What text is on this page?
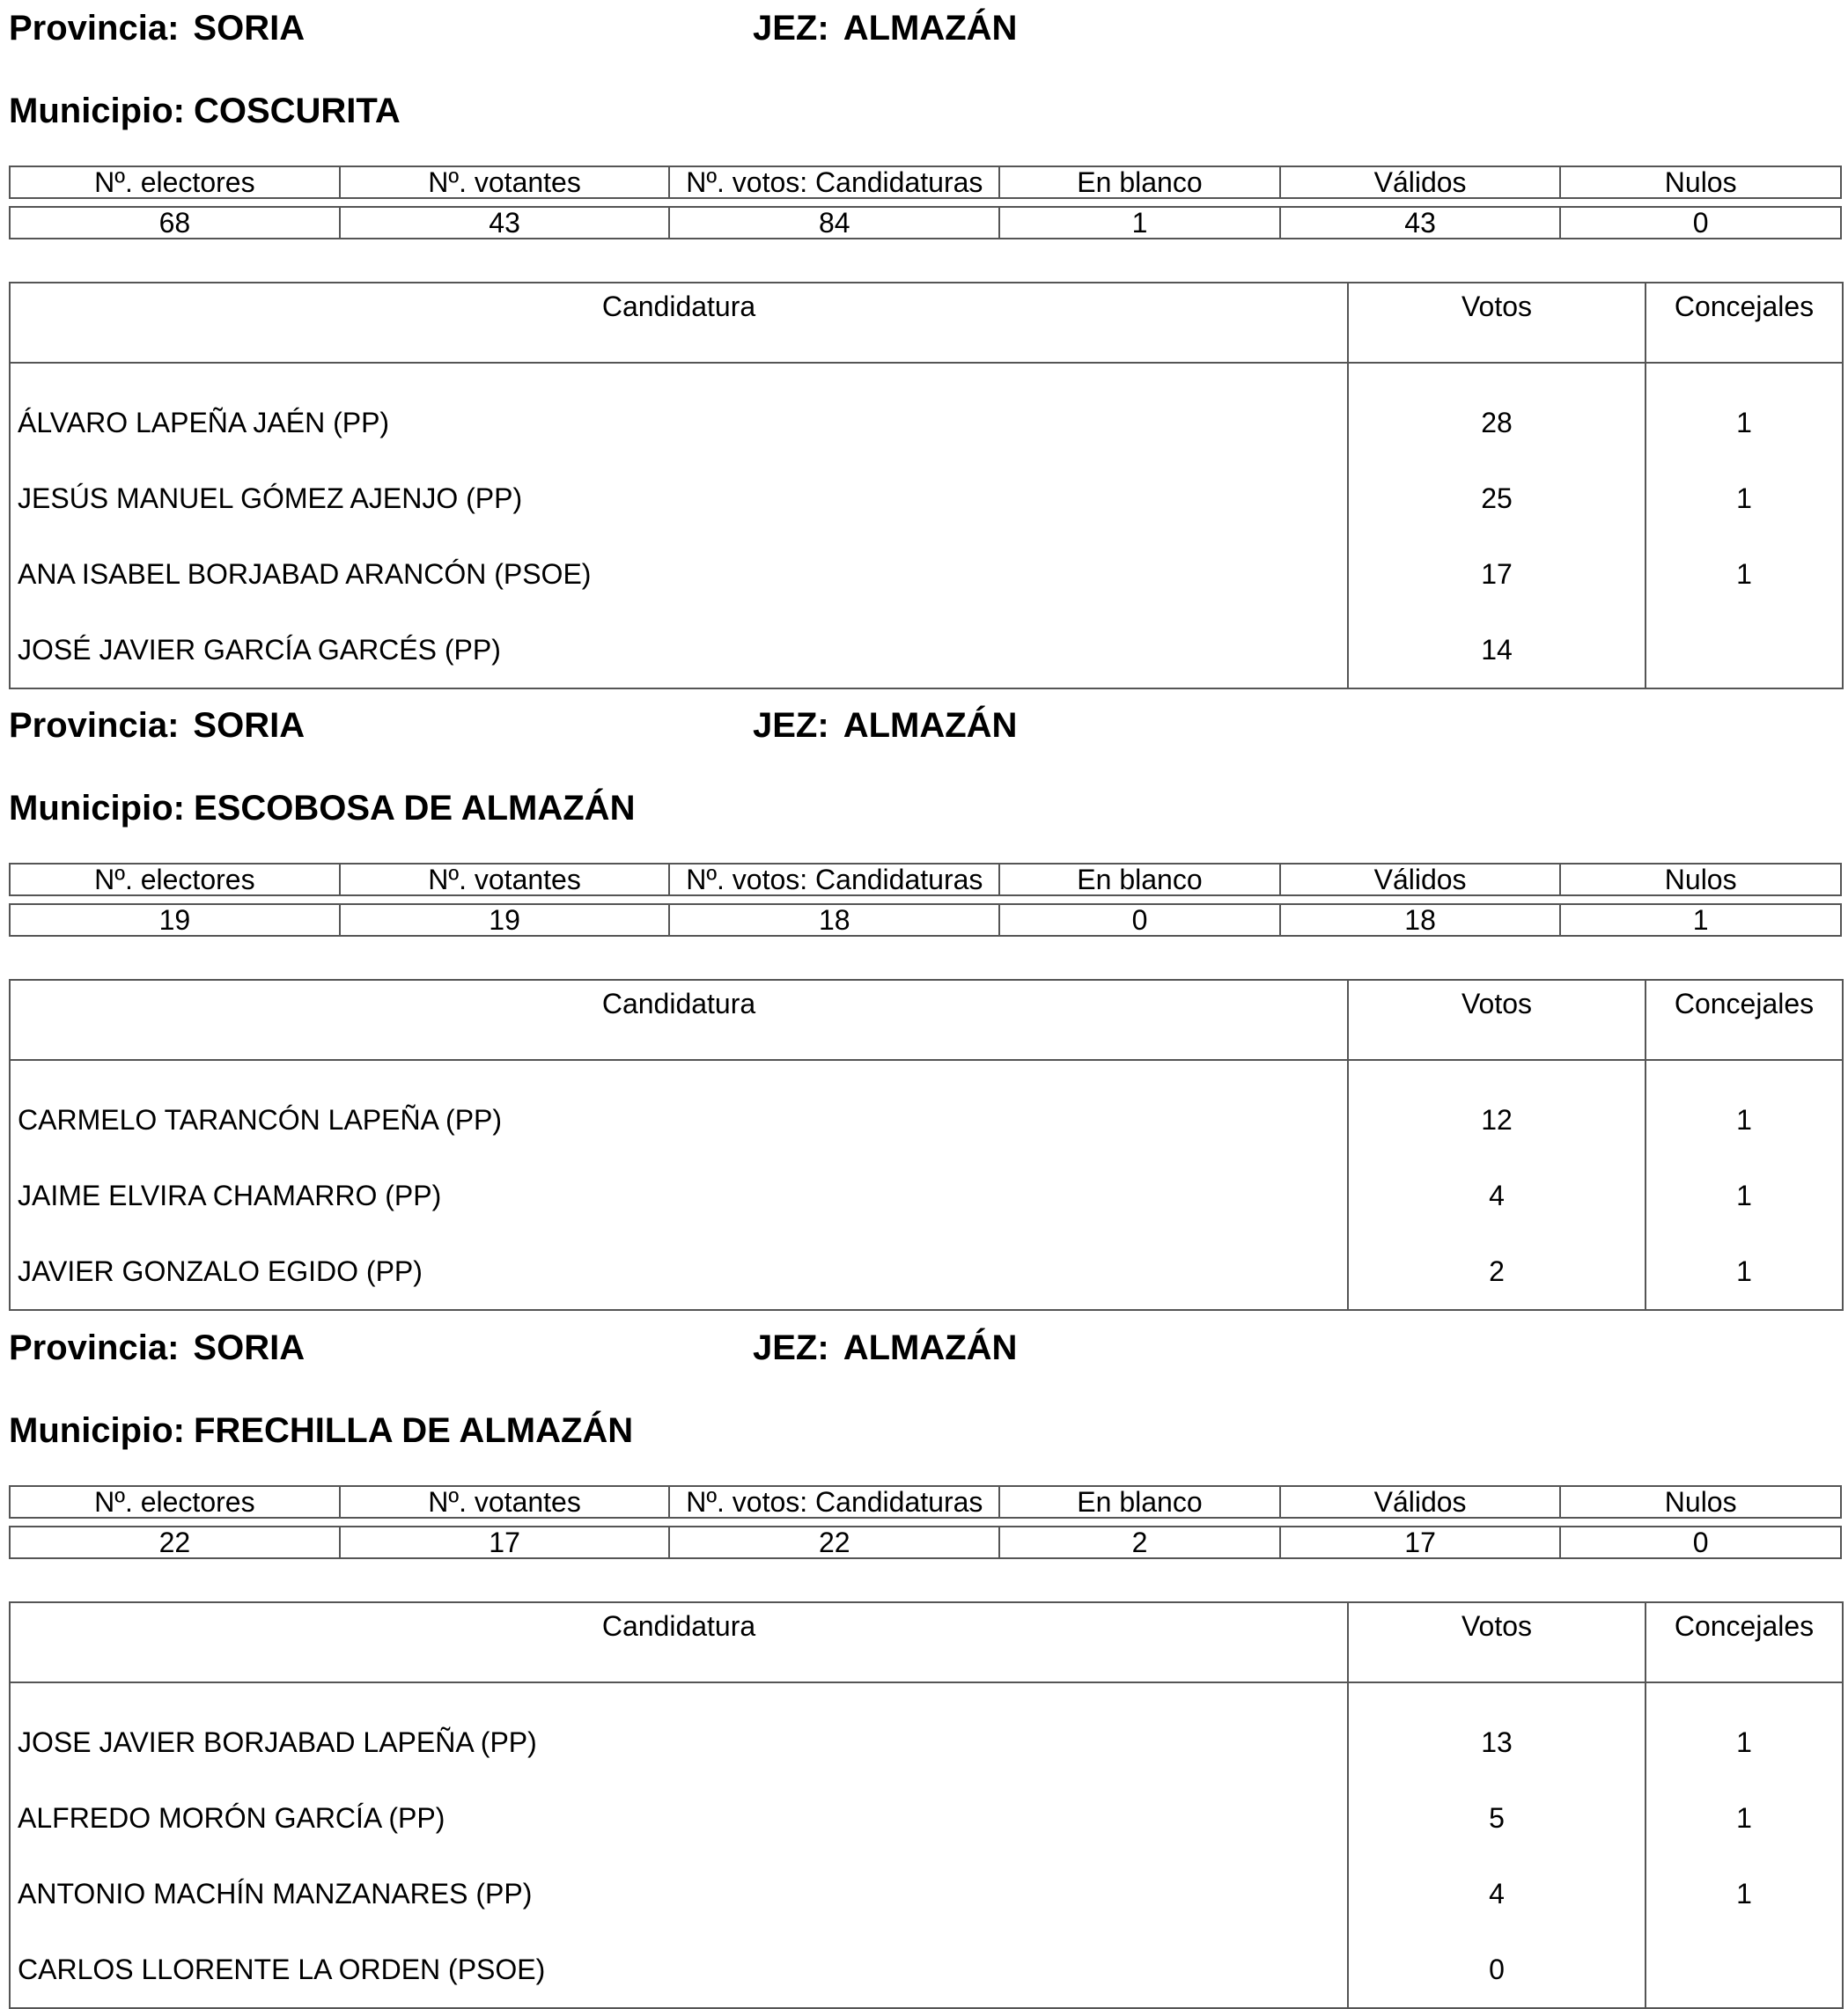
Provincia: SORIA	JEZ: ALMAZÁN
Municipio: COSCURITA
Nº. electores	Nº. votantes	Nº. votos: Candidaturas	En blanco	Válidos	Nulos

68	43	84	1	43	0
Candidatura	Votos	Concejales
ÁLVARO LAPEÑA JAÉN (PP)	28	1
JESÚS MANUEL GÓMEZ AJENJO (PP)	25	1
ANA ISABEL BORJABAD ARANCÓN (PSOE)	17	1
JOSÉ JAVIER GARCÍA GARCÉS (PP)	14	
Provincia: SORIA	JEZ: ALMAZÁN
Municipio: ESCOBOSA DE ALMAZÁN
Nº. electores	Nº. votantes	Nº. votos: Candidaturas	En blanco	Válidos	Nulos

19	19	18	0	18	1
Candidatura	Votos	Concejales
CARMELO TARANCÓN LAPEÑA (PP)	12	1
JAIME ELVIRA CHAMARRO (PP)	4	1
JAVIER GONZALO EGIDO (PP)	2	1
Provincia: SORIA	JEZ: ALMAZÁN
Municipio: FRECHILLA DE ALMAZÁN
Nº. electores	Nº. votantes	Nº. votos: Candidaturas	En blanco	Válidos	Nulos

22	17	22	2	17	0
Candidatura	Votos	Concejales
JOSE JAVIER BORJABAD LAPEÑA (PP)	13	1
ALFREDO MORÓN GARCÍA (PP)	5	1
ANTONIO MACHÍN MANZANARES (PP)	4	1
CARLOS LLORENTE LA ORDEN (PSOE)	0	
